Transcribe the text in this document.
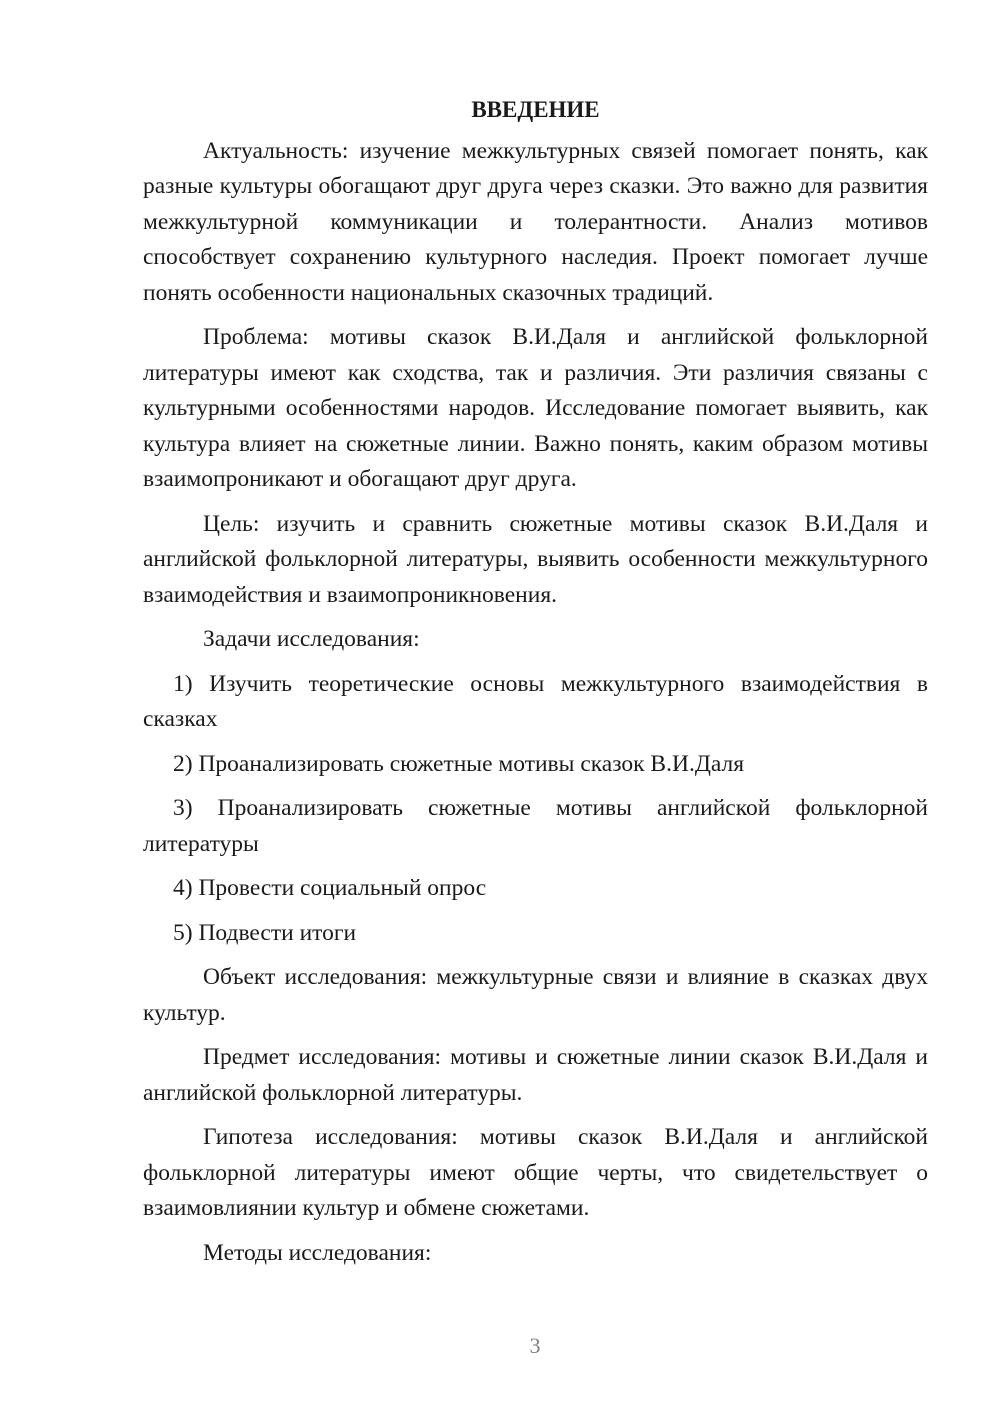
ВВЕДЕНИЕ

Актуальность: изучение межкультурных связей помогает понять, как разные культуры обогащают друг друга через сказки. Это важно для развития межкультурной коммуникации и толерантности. Анализ мотивов способствует сохранению культурного наследия. Проект помогает лучше понять особенности национальных сказочных традиций.

Проблема: мотивы сказок В.И.Даля и английской фольклорной литературы имеют как сходства, так и различия. Эти различия связаны с культурными особенностями народов. Исследование помогает выявить, как культура влияет на сюжетные линии. Важно понять, каким образом мотивы взаимопроникают и обогащают друг друга.

Цель: изучить и сравнить сюжетные мотивы сказок В.И.Даля и английской фольклорной литературы, выявить особенности межкультурного взаимодействия и взаимопроникновения.

Задачи исследования:

1) Изучить теоретические основы межкультурного взаимодействия в сказках

2) Проанализировать сюжетные мотивы сказок В.И.Даля

3) Проанализировать сюжетные мотивы английской фольклорной литературы

4) Провести социальный опрос

5) Подвести итоги

Объект исследования: межкультурные связи и влияние в сказках двух культур.

Предмет исследования: мотивы и сюжетные линии сказок В.И.Даля и английской фольклорной литературы.

Гипотеза исследования: мотивы сказок В.И.Даля и английской фольклорной литературы имеют общие черты, что свидетельствует о взаимовлиянии культур и обмене сюжетами.

Методы исследования:

3
